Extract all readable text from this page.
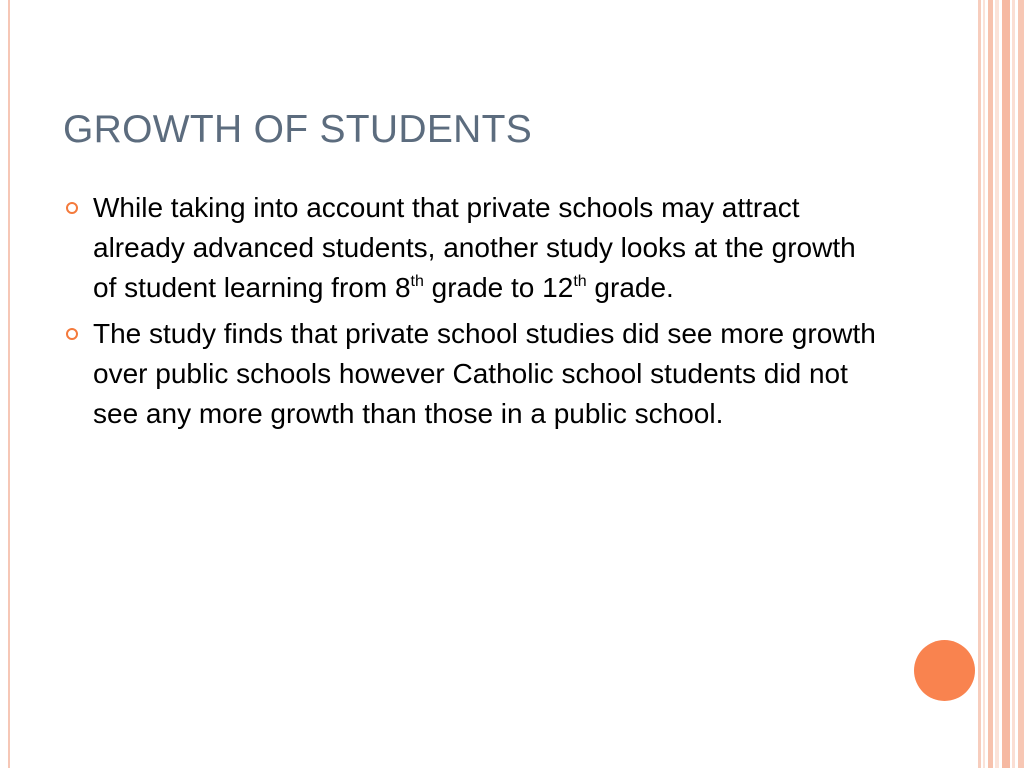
GROWTH OF STUDENTS
While taking into account that private schools may attract already advanced students, another study looks at the growth of student learning from 8th grade to 12th grade.
The study finds that private school studies did see more growth over public schools however Catholic school students did not see any more growth than those in a public school.
